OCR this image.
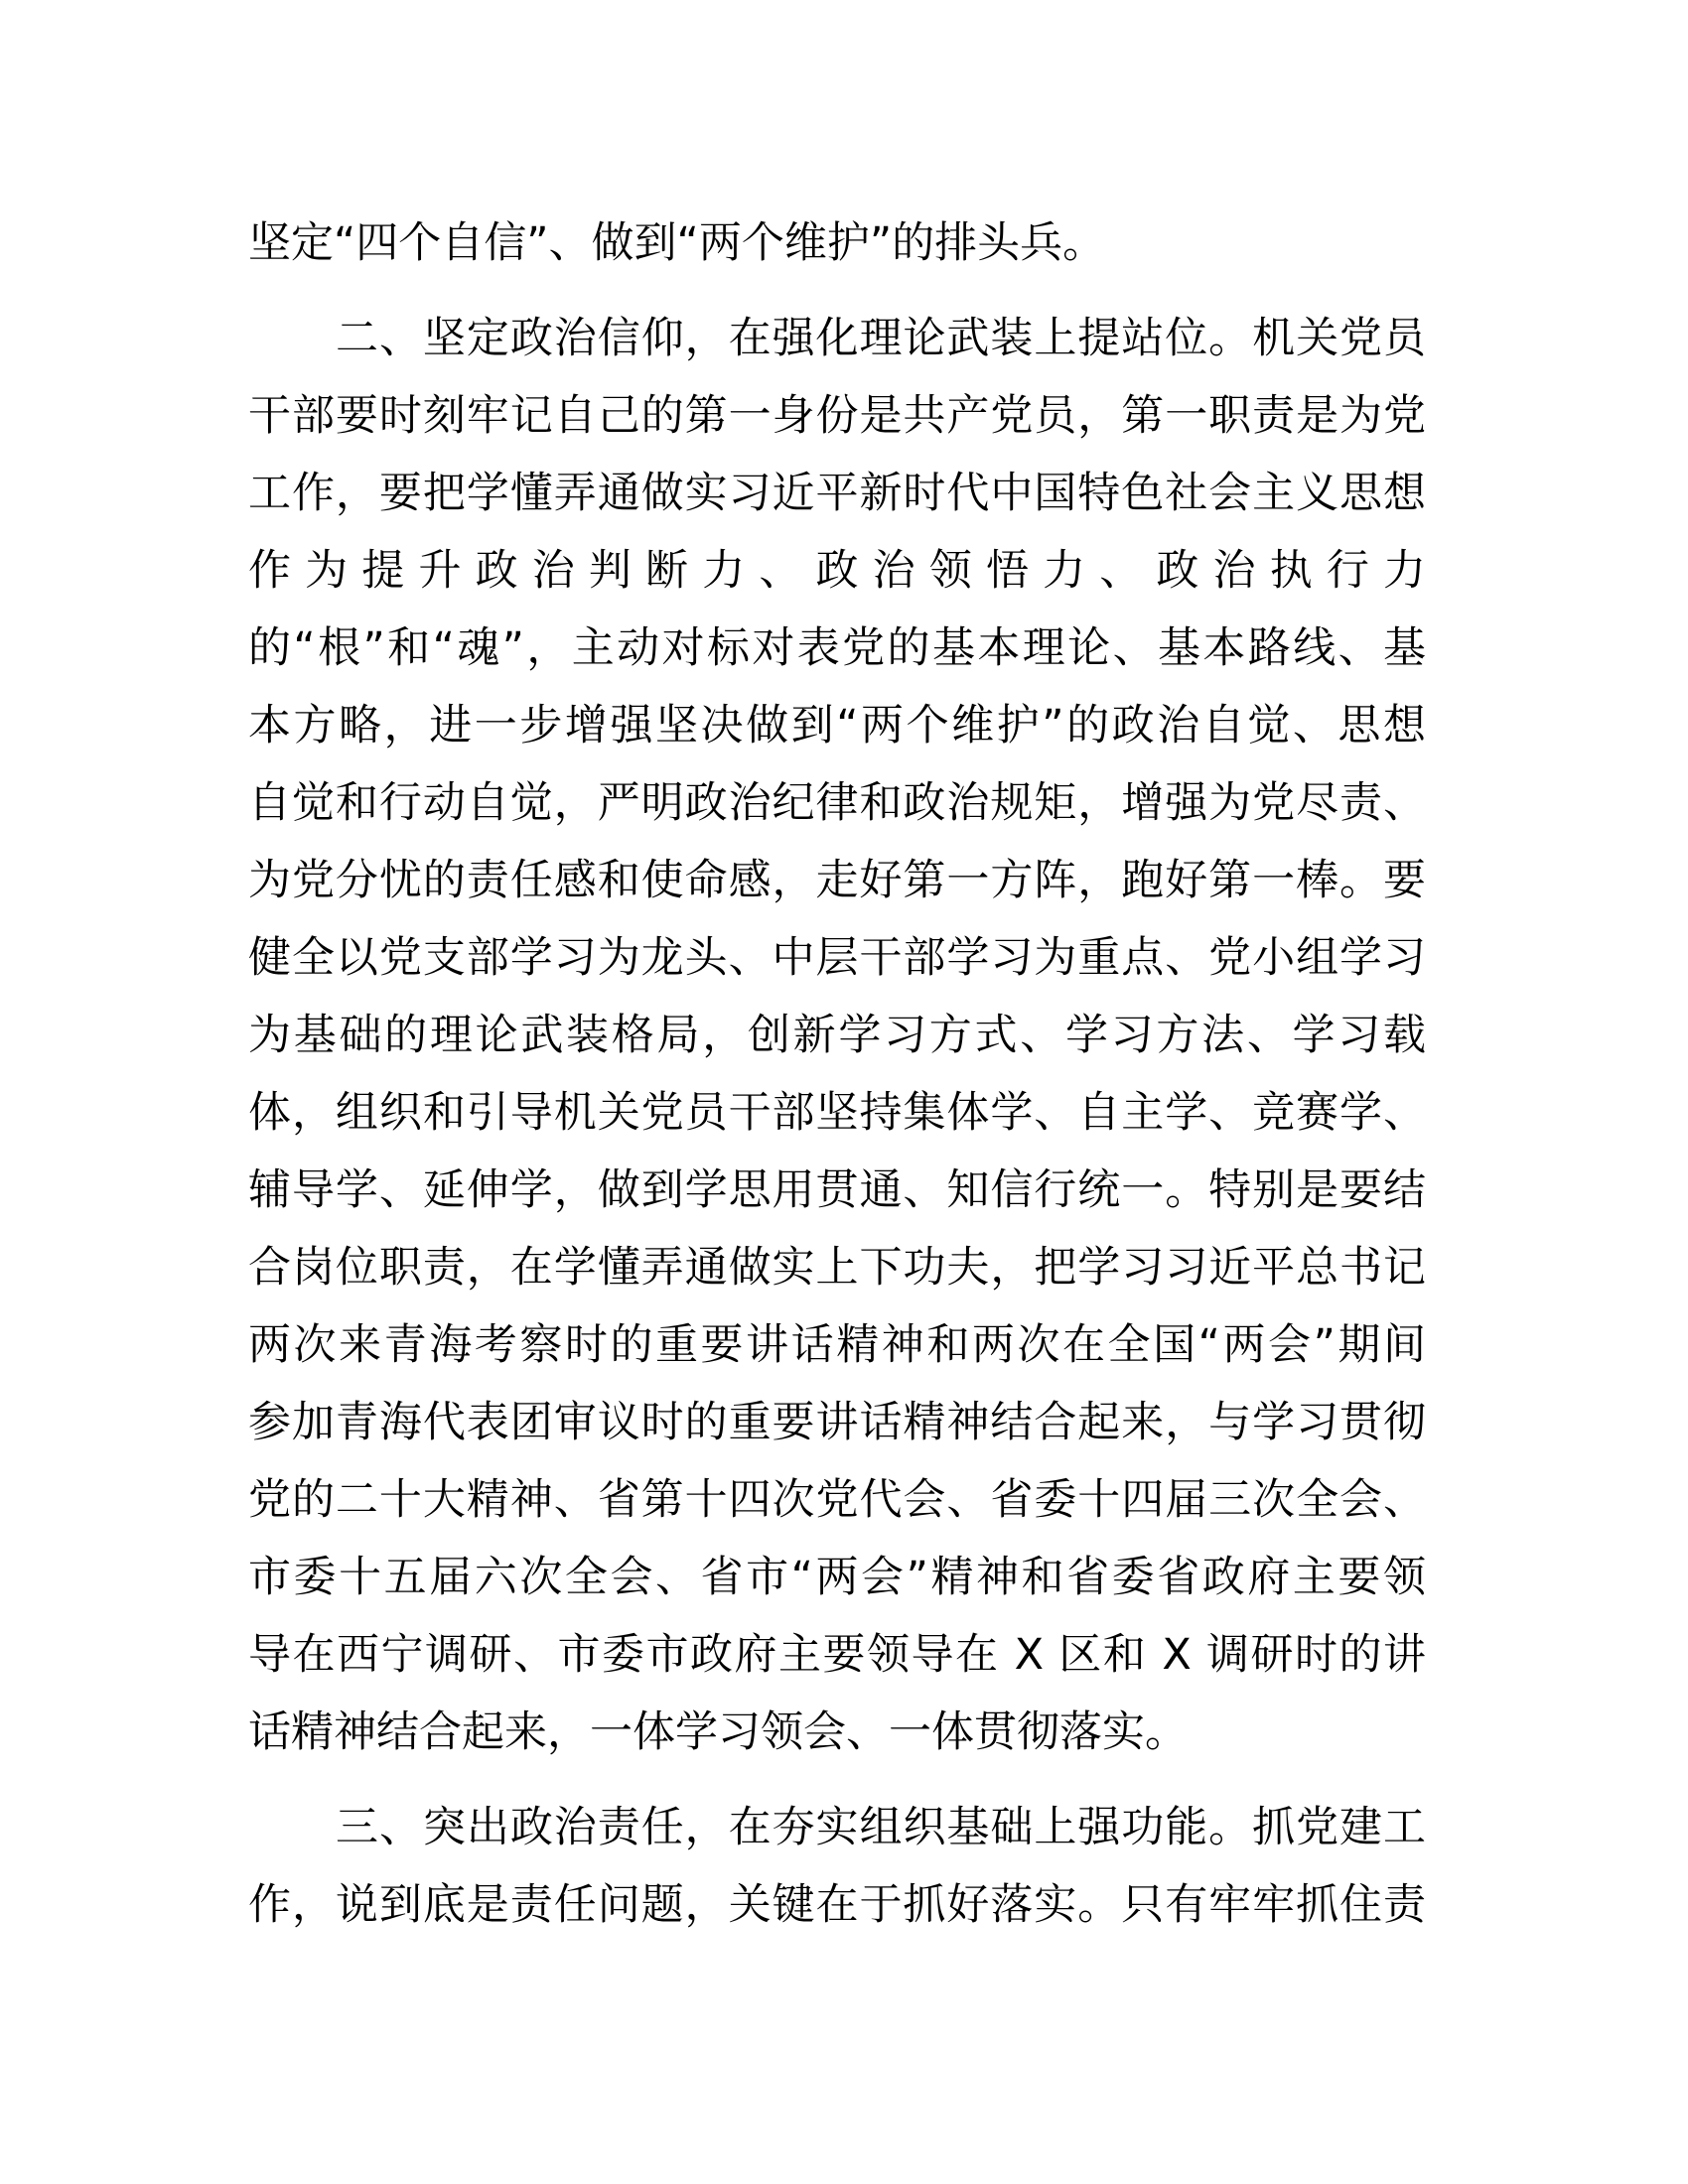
坚定“四个自信”、做到“两个维护”的排头兵。
二、坚定政治信仰，在强化理论武装上提站位。机关党员
干部要时刻牢记自己的第一身份是共产党员，第一职责是为党
工作，要把学懂弄通做实习近平新时代中国特色社会主义思想
作为提升政治判断力、政治领悟力、政治执行力
的“根”和“魂”，主动对标对表党的基本理论、基本路线、基
本方略，进一步增强坚决做到“两个维护”的政治自觉、思想
自觉和行动自觉，严明政治纪律和政治规矩，增强为党尽责、
为党分忧的责任感和使命感，走好第一方阵，跑好第一棒。要
健全以党支部学习为龙头、中层干部学习为重点、党小组学习
为基础的理论武装格局，创新学习方式、学习方法、学习载
体，组织和引导机关党员干部坚持集体学、自主学、竞赛学、
辅导学、延伸学，做到学思用贯通、知信行统一。特别是要结
合岗位职责，在学懂弄通做实上下功夫，把学习习近平总书记
两次来青海考察时的重要讲话精神和两次在全国“两会”期间
参加青海代表团审议时的重要讲话精神结合起来，与学习贯彻
党的二十大精神、省第十四次党代会、省委十四届三次全会、
市委十五届六次全会、省市“两会”精神和省委省政府主要领
导在西宁调研、市委市政府主要领导在 X 区和 X 调研时的讲
话精神结合起来，一体学习领会、一体贯彻落实。
三、突出政治责任，在夯实组织基础上强功能。抓党建工
作，说到底是责任问题，关键在于抓好落实。只有牢牢抓住责
